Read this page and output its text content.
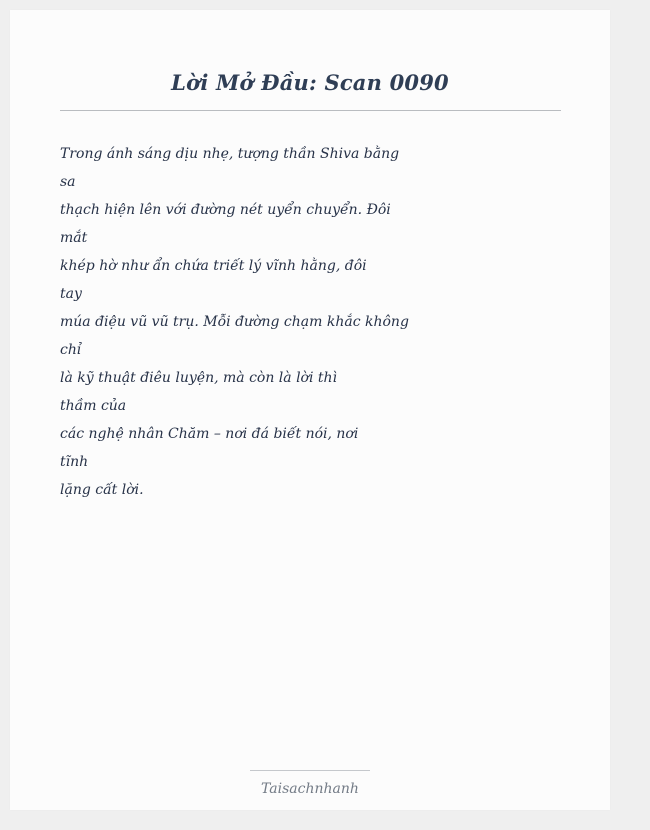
Lời Mở Đầu: Scan 0090
Trong ánh sáng dịu nhẹ, tượng thần Shiva bằng
sa
thạch hiện lên với đường nét uyển chuyển. Đôi
mắt
khép hờ như ẩn chứa triết lý vĩnh hằng, đôi
tay
múa điệu vũ vũ trụ. Mỗi đường chạm khắc không
chỉ
là kỹ thuật điêu luyện, mà còn là lời thì
thầm của
các nghệ nhân Chăm – nơi đá biết nói, nơi
tĩnh
lặng cất lời.
Taisachnhanh
